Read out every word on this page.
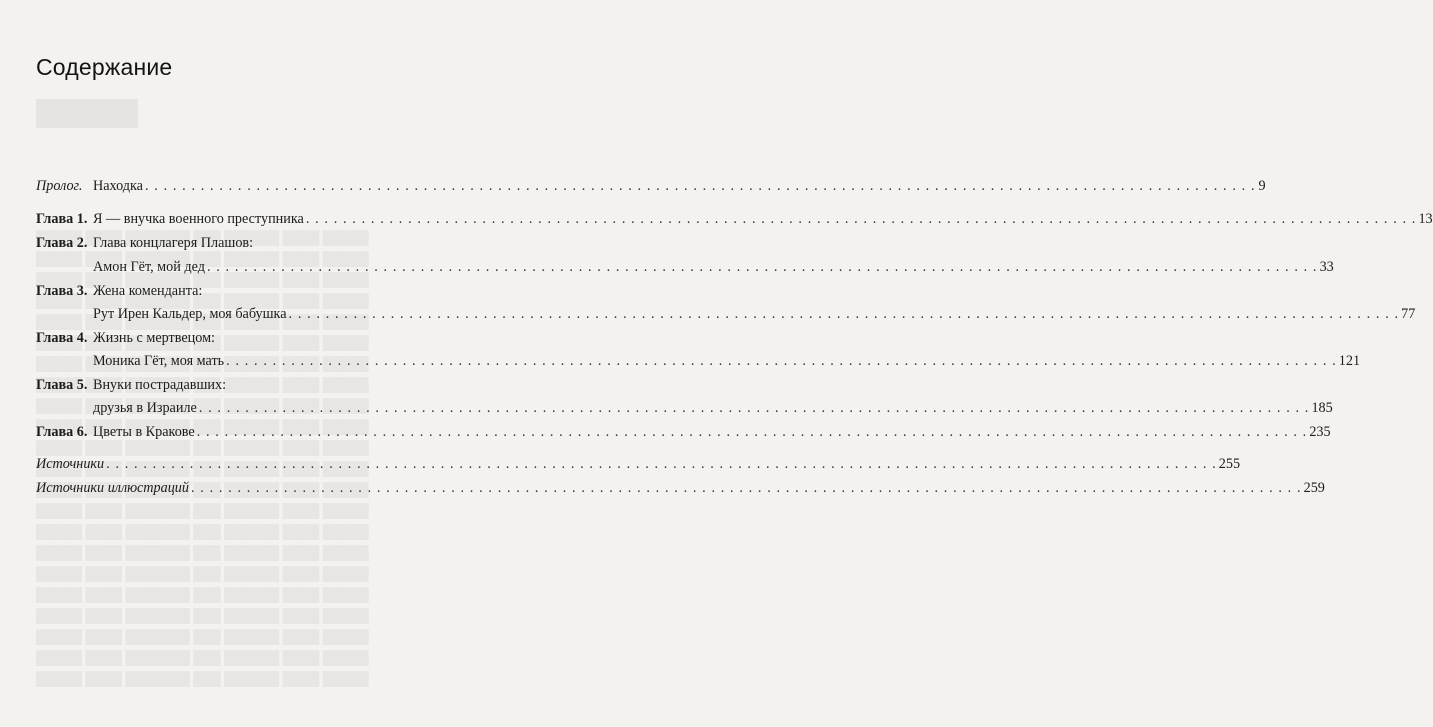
██████
Содержание
Пролог. Находка . . . . . . . . . . . . . . . . . . . . . . . . . . . . . . . . . . . . . . . . . . . . . . . . . . . . . . . . . . . . . . . . . . . . . . . . . . . . . . . . . . . . . . . . . . . . . . . . . . . . . . . . . . . . . . . . . . . . . . . . 9
Глава 1. Я — внучка военного преступника . . . . . . . . . . . . . . . . . . . . . . . . . . . . . . . . . . . . . . . . . . . . . . . . . . . . . . . . . . . . . . . . . . . . . . . . . . . . . . . . . . . . . . . . . . . . . . . . . . . . . . . . . . . . . . . . . . . . . . . . 13
Глава 2. Глава концлагеря Плашов:
Амон Гёт, мой дед . . . . . . . . . . . . . . . . . . . . . . . . . . . . . . . . . . . . . . . . . . . . . . . . . . . . . . . . . . . . . . . . . . . . . . . . . . . . . . . . . . . . . . . . . . . . . . . . . . . . . . . . . . . . . . . . . . . . . . . . 33
Глава 3. Жена коменданта:
Рут Ирен Кальдер, моя бабушка . . . . . . . . . . . . . . . . . . . . . . . . . . . . . . . . . . . . . . . . . . . . . . . . . . . . . . . . . . . . . . . . . . . . . . . . . . . . . . . . . . . . . . . . . . . . . . . . . . . . . . . . . . . . . . . . . . . . . . . . 77
Глава 4. Жизнь с мертвецом:
Моника Гёт, моя мать . . . . . . . . . . . . . . . . . . . . . . . . . . . . . . . . . . . . . . . . . . . . . . . . . . . . . . . . . . . . . . . . . . . . . . . . . . . . . . . . . . . . . . . . . . . . . . . . . . . . . . . . . . . . . . . . . . . . . . . . 121
Глава 5. Внуки пострадавших:
друзья в Израиле . . . . . . . . . . . . . . . . . . . . . . . . . . . . . . . . . . . . . . . . . . . . . . . . . . . . . . . . . . . . . . . . . . . . . . . . . . . . . . . . . . . . . . . . . . . . . . . . . . . . . . . . . . . . . . . . . . . . . . . . 185
Глава 6. Цветы в Кракове . . . . . . . . . . . . . . . . . . . . . . . . . . . . . . . . . . . . . . . . . . . . . . . . . . . . . . . . . . . . . . . . . . . . . . . . . . . . . . . . . . . . . . . . . . . . . . . . . . . . . . . . . . . . . . . . . . . . . . . . 235
Источники . . . . . . . . . . . . . . . . . . . . . . . . . . . . . . . . . . . . . . . . . . . . . . . . . . . . . . . . . . . . . . . . . . . . . . . . . . . . . . . . . . . . . . . . . . . . . . . . . . . . . . . . . . . . . . . . . . . . . . . . 255
Источники иллюстраций . . . . . . . . . . . . . . . . . . . . . . . . . . . . . . . . . . . . . . . . . . . . . . . . . . . . . . . . . . . . . . . . . . . . . . . . . . . . . . . . . . . . . . . . . . . . . . . . . . . . . . . . . . . . . . . . . . . . . . . . 259
